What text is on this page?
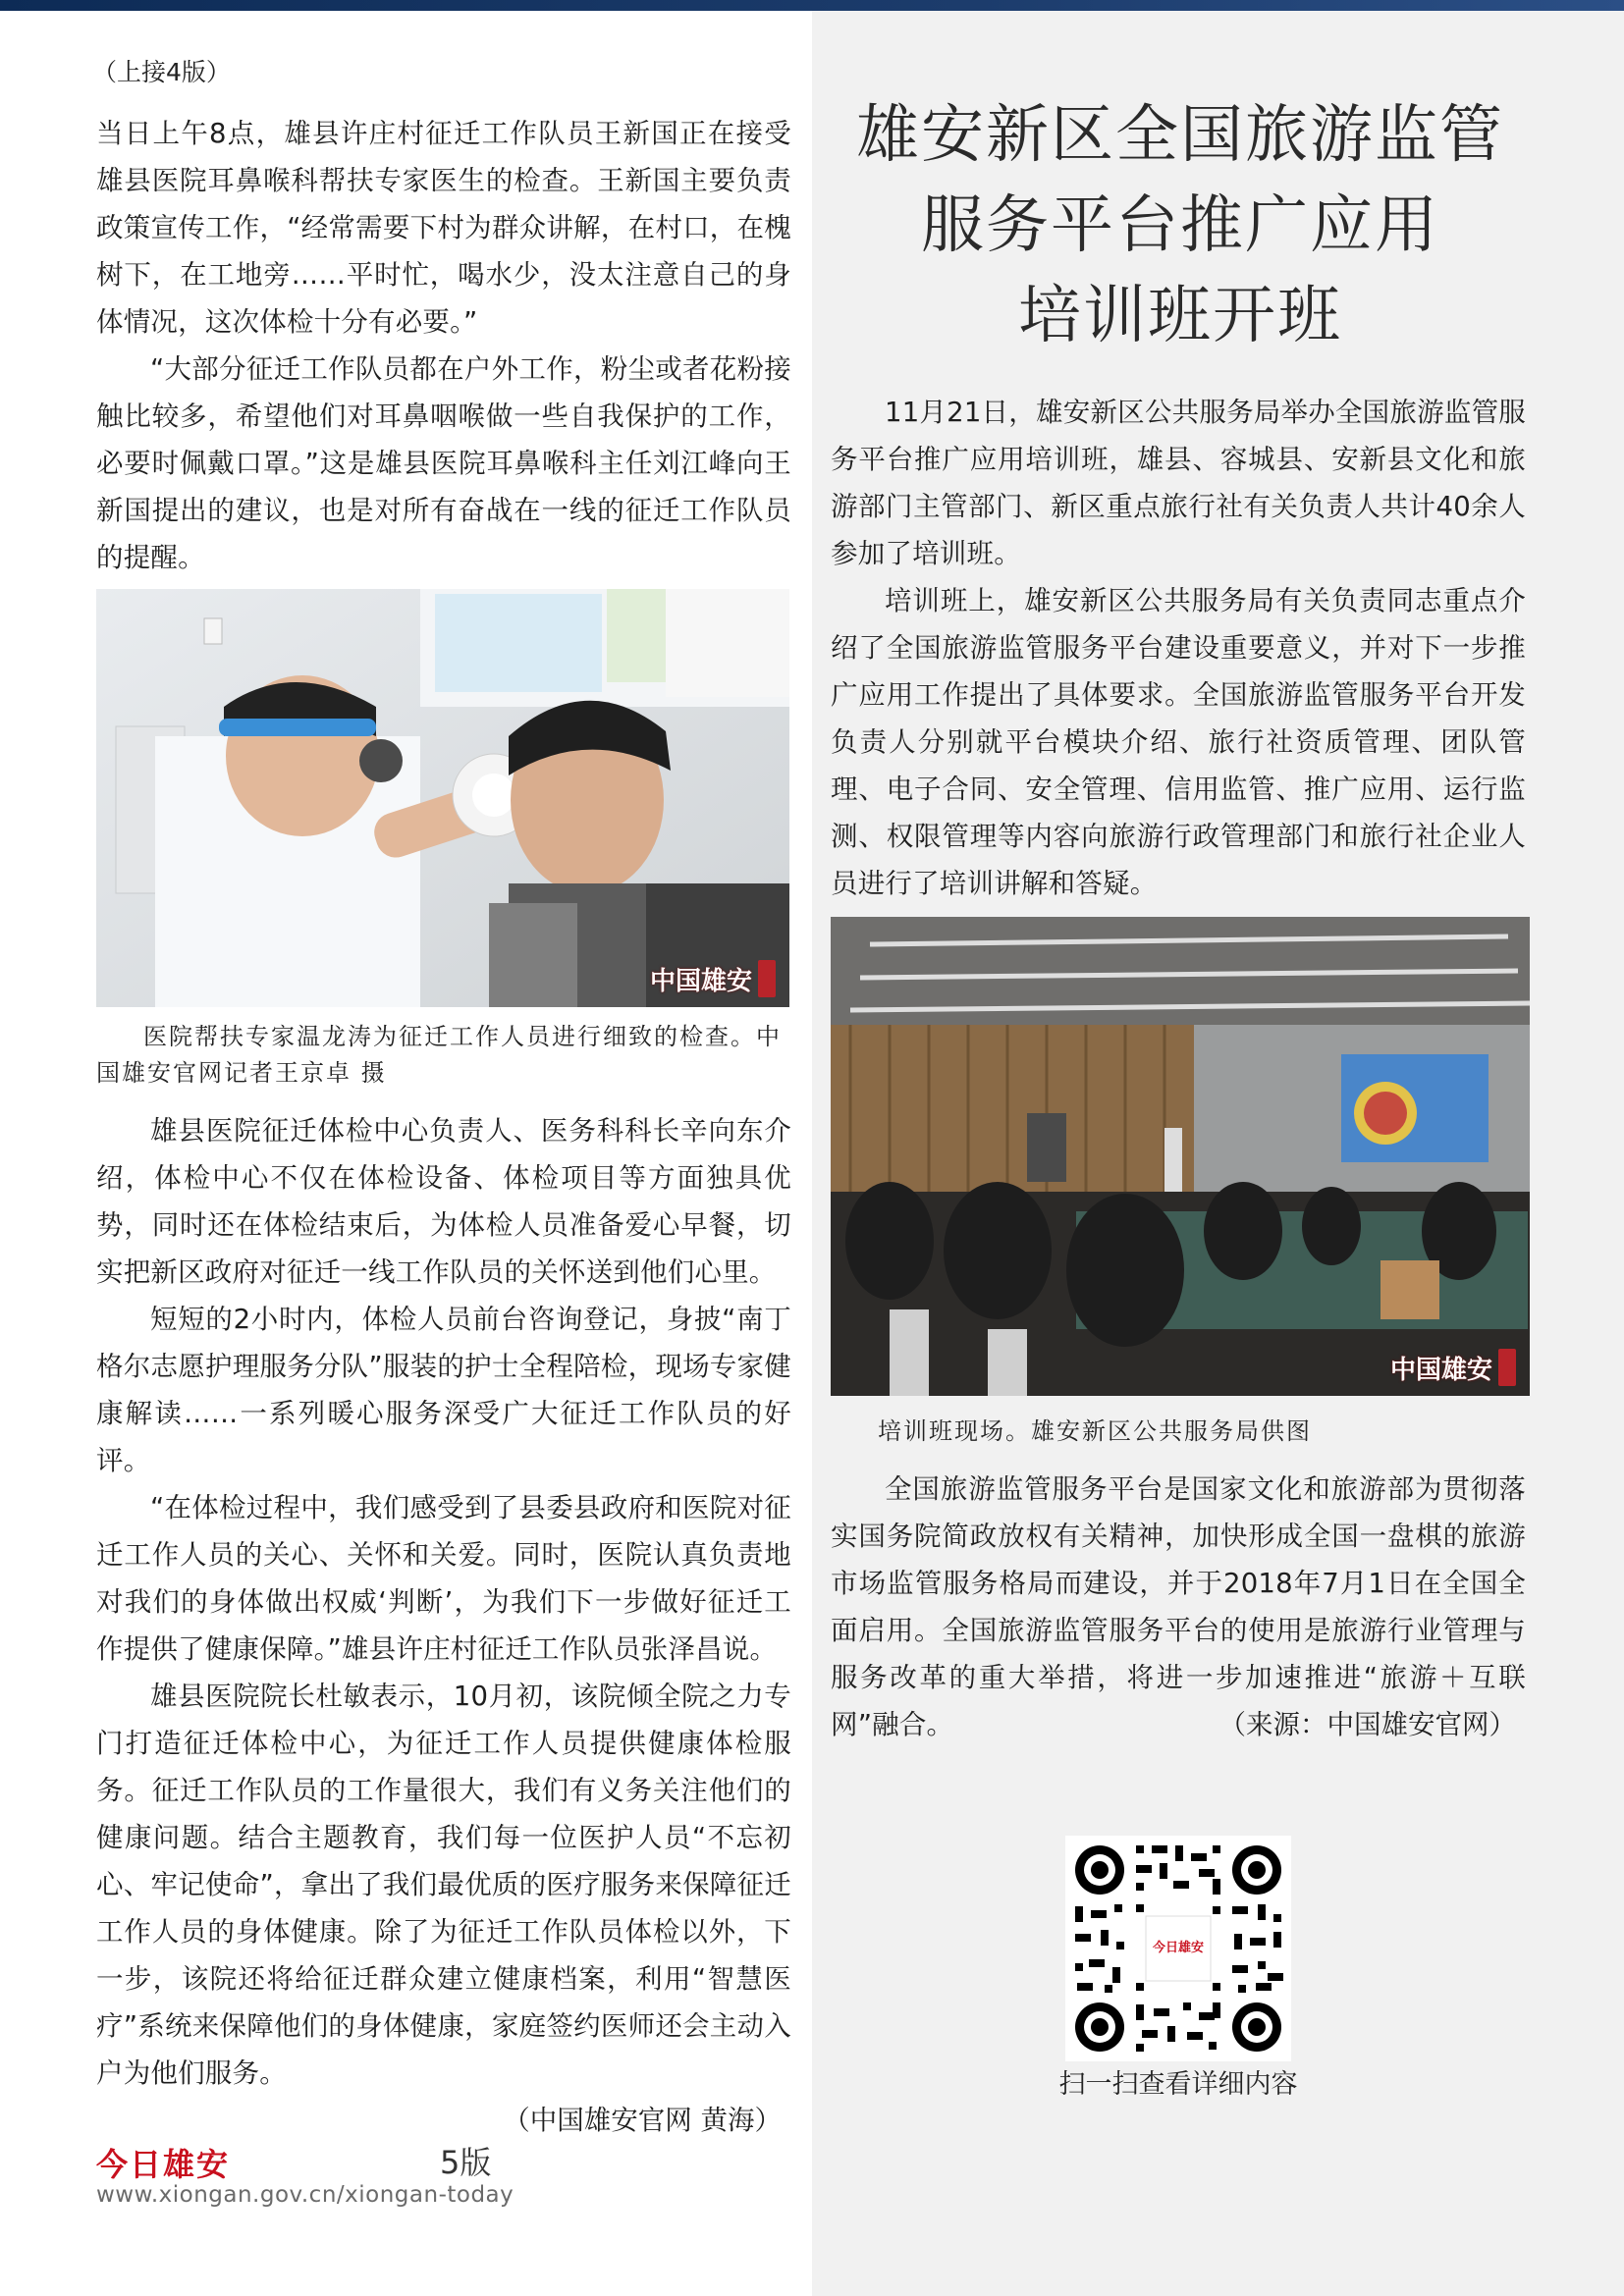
（上接4版）

当日上午8点，雄县许庄村征迁工作队员王新国正在接受雄县医院耳鼻喉科帮扶专家医生的检查。王新国主要负责政策宣传工作，“经常需要下村为群众讲解，在村口，在槐树下，在工地旁……平时忙，喝水少，没太注意自己的身体情况，这次体检十分有必要。”

“大部分征迁工作队员都在户外工作，粉尘或者花粉接触比较多，希望他们对耳鼻咽喉做一些自我保护的工作，必要时佩戴口罩。”这是雄县医院耳鼻喉科主任刘江峰向王新国提出的建议，也是对所有奋战在一线的征迁工作队员的提醒。

中国雄安
医院帮扶专家温龙涛为征迁工作人员进行细致的检查。中国雄安官网记者王京卓 摄

雄县医院征迁体检中心负责人、医务科科长辛向东介绍，体检中心不仅在体检设备、体检项目等方面独具优势，同时还在体检结束后，为体检人员准备爱心早餐，切实把新区政府对征迁一线工作队员的关怀送到他们心里。

短短的2小时内，体检人员前台咨询登记，身披“南丁格尔志愿护理服务分队”服装的护士全程陪检，现场专家健康解读……一系列暖心服务深受广大征迁工作队员的好评。

“在体检过程中，我们感受到了县委县政府和医院对征迁工作人员的关心、关怀和关爱。同时，医院认真负责地对我们的身体做出权威‘判断’，为我们下一步做好征迁工作提供了健康保障。”雄县许庄村征迁工作队员张泽昌说。

雄县医院院长杜敏表示，10月初，该院倾全院之力专门打造征迁体检中心，为征迁工作人员提供健康体检服务。征迁工作队员的工作量很大，我们有义务关注他们的健康问题。结合主题教育，我们每一位医护人员“不忘初心、牢记使命”，拿出了我们最优质的医疗服务来保障征迁工作人员的身体健康。除了为征迁工作队员体检以外，下一步，该院还将给征迁群众建立健康档案，利用“智慧医疗”系统来保障他们的身体健康，家庭签约医师还会主动入户为他们服务。

（中国雄安官网 黄海）

雄安新区全国旅游监管
服务平台推广应用
培训班开班

11月21日，雄安新区公共服务局举办全国旅游监管服务平台推广应用培训班，雄县、容城县、安新县文化和旅游部门主管部门、新区重点旅行社有关负责人共计40余人参加了培训班。

培训班上，雄安新区公共服务局有关负责同志重点介绍了全国旅游监管服务平台建设重要意义，并对下一步推广应用工作提出了具体要求。全国旅游监管服务平台开发负责人分别就平台模块介绍、旅行社资质管理、团队管理、电子合同、安全管理、信用监管、推广应用、运行监测、权限管理等内容向旅游行政管理部门和旅行社企业人员进行了培训讲解和答疑。

中国雄安
培训班现场。雄安新区公共服务局供图

全国旅游监管服务平台是国家文化和旅游部为贯彻落实国务院简政放权有关精神，加快形成全国一盘棋的旅游市场监管服务格局而建设，并于2018年7月1日在全国全面启用。全国旅游监管服务平台的使用是旅游行业管理与服务改革的重大举措，将进一步加速推进“旅游＋互联网”融合。	（来源：中国雄安官网）

今日雄安
扫一扫查看详细内容
今日雄安	5版
www.xiongan.gov.cn/xiongan-today
